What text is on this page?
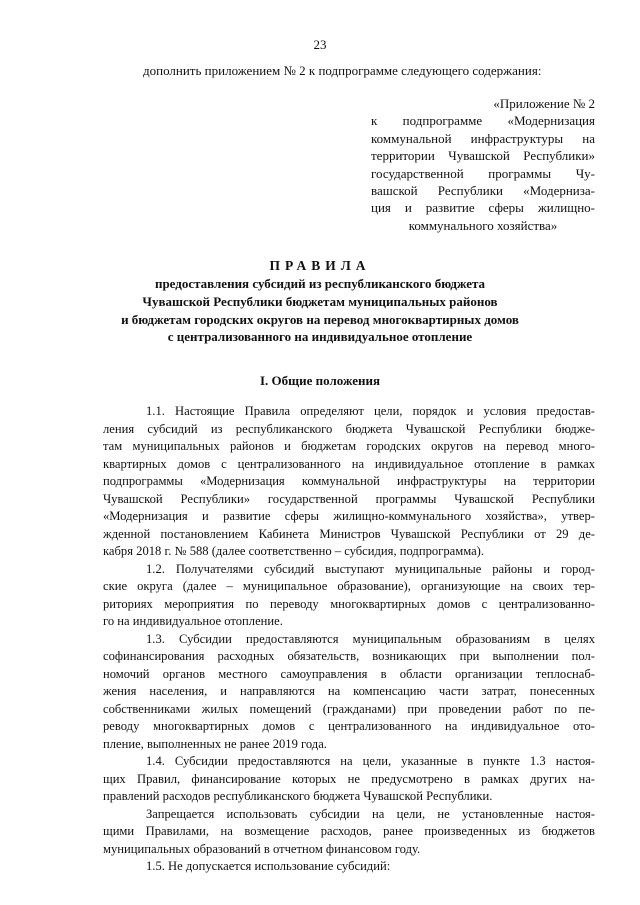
23
дополнить приложением № 2 к подпрограмме следующего содержания:
«Приложение № 2
к подпрограмме «Модернизация
коммунальной инфраструктуры на
территории Чувашской Республики»
государственной программы Чу-
вашской Республики «Модерниза-
ция и развитие сферы жилищно-
коммунального хозяйства»
ПРАВИЛА
предоставления субсидий из республиканского бюджета
Чувашской Республики бюджетам муниципальных районов
и бюджетам городских округов на перевод многоквартирных домов
с централизованного на индивидуальное отопление
I. Общие положения
1.1. Настоящие Правила определяют цели, порядок и условия предостав-
ления субсидий из республиканского бюджета Чувашской Республики бюдже-
там муниципальных районов и бюджетам городских округов на перевод много-
квартирных домов с централизованного на индивидуальное отопление в рамках
подпрограммы «Модернизация коммунальной инфраструктуры на территории
Чувашской Республики» государственной программы Чувашской Республики
«Модернизация и развитие сферы жилищно-коммунального хозяйства», утвер-
жденной постановлением Кабинета Министров Чувашской Республики от 29 де-
кабря 2018 г. № 588 (далее соответственно – субсидия, подпрограмма).
1.2. Получателями субсидий выступают муниципальные районы и город-
ские округа (далее – муниципальное образование), организующие на своих тер-
риториях мероприятия по переводу многоквартирных домов с централизованно-
го на индивидуальное отопление.
1.3. Субсидии предоставляются муниципальным образованиям в целях
софинансирования расходных обязательств, возникающих при выполнении пол-
номочий органов местного самоуправления в области организации теплоснаб-
жения населения, и направляются на компенсацию части затрат, понесенных
собственниками жилых помещений (гражданами) при проведении работ по пе-
реводу многоквартирных домов с централизованного на индивидуальное ото-
пление, выполненных не ранее 2019 года.
1.4. Субсидии предоставляются на цели, указанные в пункте 1.3 настоя-
щих Правил, финансирование которых не предусмотрено в рамках других на-
правлений расходов республиканского бюджета Чувашской Республики.
Запрещается использовать субсидии на цели, не установленные настоя-
щими Правилами, на возмещение расходов, ранее произведенных из бюджетов
муниципальных образований в отчетном финансовом году.
1.5. Не допускается использование субсидий:
